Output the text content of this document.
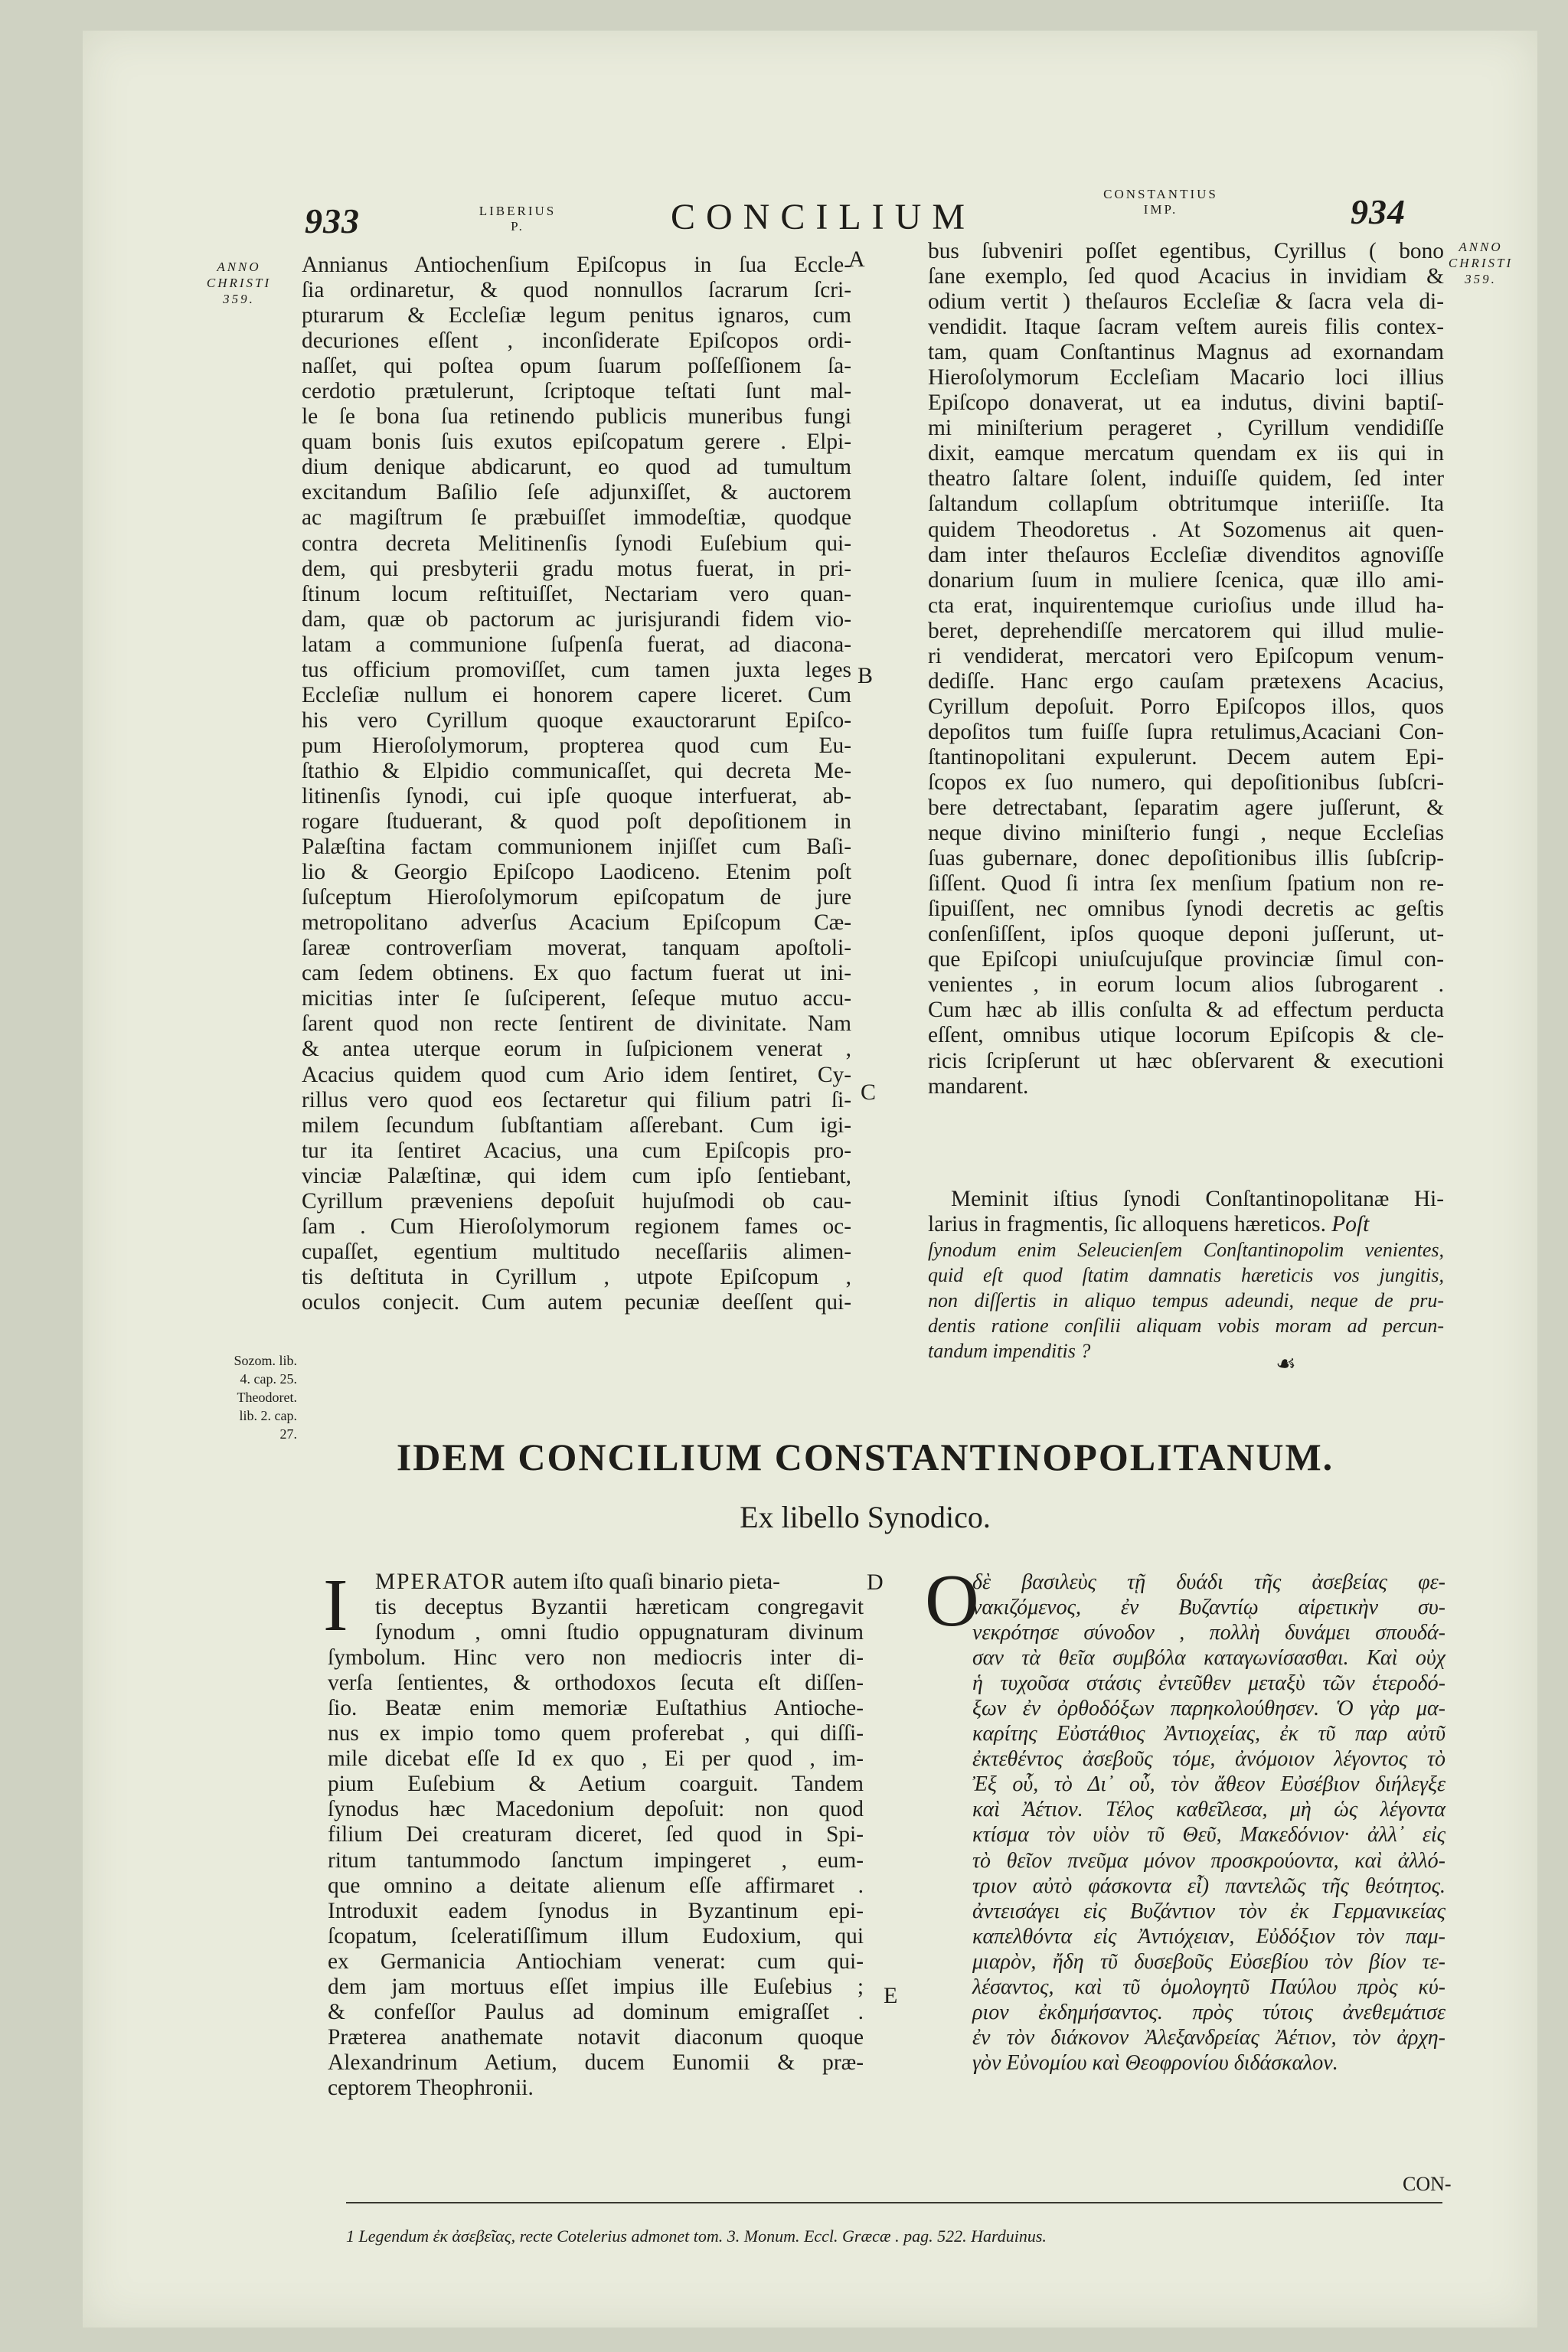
933	LIBERIUS
P.	CONCILIUM
CONSTANTIUS
IMP.	934
ANNO
CHRISTI
359.
ANNO
CHRISTI
359.
A
B
C
D
E
Annianus Antiochenſium Epiſcopus in ſua Eccle-
ſia ordinaretur, & quod nonnullos ſacrarum ſcri-
pturarum & Eccleſiæ legum penitus ignaros, cum
decuriones eſſent , inconſiderate Epiſcopos ordi-
naſſet, qui poſtea opum ſuarum poſſeſſionem ſa-
cerdotio prætulerunt, ſcriptoque teſtati ſunt mal-
le ſe bona ſua retinendo publicis muneribus fungi
quam bonis ſuis exutos epiſcopatum gerere . Elpi-
dium denique abdicarunt, eo quod ad tumultum
excitandum Baſilio ſeſe adjunxiſſet, & auctorem
ac magiſtrum ſe præbuiſſet immodeſtiæ, quodque
contra decreta Melitinenſis ſynodi Euſebium qui-
dem, qui presbyterii gradu motus fuerat, in pri-
ſtinum locum reſtituiſſet, Nectariam vero quan-
dam, quæ ob pactorum ac jurisjurandi fidem vio-
latam a communione ſuſpenſa fuerat, ad diacona-
tus officium promoviſſet, cum tamen juxta leges
Eccleſiæ nullum ei honorem capere liceret. Cum
his vero Cyrillum quoque exauctorarunt Epiſco-
pum Hieroſolymorum, propterea quod cum Eu-
ſtathio & Elpidio communicaſſet, qui decreta Me-
litinenſis ſynodi, cui ipſe quoque interfuerat, ab-
rogare ſtuduerant, & quod poſt depoſitionem in
Palæſtina factam communionem injiſſet cum Baſi-
lio & Georgio Epiſcopo Laodiceno. Etenim poſt
ſuſceptum Hieroſolymorum epiſcopatum de jure
metropolitano adverſus Acacium Epiſcopum Cæ-
ſareæ controverſiam moverat, tanquam apoſtoli-
cam ſedem obtinens. Ex quo factum fuerat ut ini-
micitias inter ſe ſuſciperent, ſeſeque mutuo accu-
ſarent quod non recte ſentirent de divinitate. Nam
& antea uterque eorum in ſuſpicionem venerat ,
Acacius quidem quod cum Ario idem ſentiret, Cy-
rillus vero quod eos ſectaretur qui filium patri ſi-
milem ſecundum ſubſtantiam aſſerebant. Cum igi-
tur ita ſentiret Acacius, una cum Epiſcopis pro-
vinciæ Palæſtinæ, qui idem cum ipſo ſentiebant,
Cyrillum præveniens depoſuit hujuſmodi ob cau-
ſam . Cum Hieroſolymorum regionem fames oc-
cupaſſet, egentium multitudo neceſſariis alimen-
tis deſtituta in Cyrillum , utpote Epiſcopum ,
oculos conjecit. Cum autem pecuniæ deeſſent qui-
bus ſubveniri poſſet egentibus, Cyrillus ( bono
ſane exemplo, ſed quod Acacius in invidiam &
odium vertit ) theſauros Eccleſiæ & ſacra vela di-
vendidit. Itaque ſacram veſtem aureis filis contex-
tam, quam Conſtantinus Magnus ad exornandam
Hieroſolymorum Eccleſiam Macario loci illius
Epiſcopo donaverat, ut ea indutus, divini baptiſ-
mi miniſterium perageret , Cyrillum vendidiſſe
dixit, eamque mercatum quendam ex iis qui in
theatro ſaltare ſolent, induiſſe quidem, ſed inter
ſaltandum collapſum obtritumque interiiſſe. Ita
quidem Theodoretus . At Sozomenus ait quen-
dam inter theſauros Eccleſiæ divenditos agnoviſſe
donarium ſuum in muliere ſcenica, quæ illo ami-
cta erat, inquirentemque curioſius unde illud ha-
beret, deprehendiſſe mercatorem qui illud mulie-
ri vendiderat, mercatori vero Epiſcopum venum-
dediſſe. Hanc ergo cauſam prætexens Acacius,
Cyrillum depoſuit. Porro Epiſcopos illos, quos
depoſitos tum fuiſſe ſupra retulimus,Acaciani Con-
ſtantinopolitani expulerunt. Decem autem Epi-
ſcopos ex ſuo numero, qui depoſitionibus ſubſcri-
bere detrectabant, ſeparatim agere juſſerunt, &
neque divino miniſterio fungi , neque Eccleſias
ſuas gubernare, donec depoſitionibus illis ſubſcrip-
ſiſſent. Quod ſi intra ſex menſium ſpatium non re-
ſipuiſſent, nec omnibus ſynodi decretis ac geſtis
conſenſiſſent, ipſos quoque deponi juſſerunt, ut-
que Epiſcopi uniuſcujuſque provinciæ ſimul con-
venientes , in eorum locum alios ſubrogarent .
Cum hæc ab illis conſulta & ad effectum perducta
eſſent, omnibus utique locorum Epiſcopis & cle-
ricis ſcripſerunt ut hæc obſervarent & executioni
mandarent.
Meminit iſtius ſynodi Conſtantinopolitanæ Hi-
larius in fragmentis, ſic alloquens hæreticos. Poſt
ſynodum enim Seleucienſem Conſtantinopolim venientes,
quid eſt quod ſtatim damnatis hæreticis vos jungitis,
non diſſertis in aliquo tempus adeundi, neque de pru-
dentis ratione conſilii aliquam vobis moram ad percun-
tandum impenditis ?
☙
Sozom. lib.
4. cap. 25.
Theodoret.
lib. 2. cap.
27.
IDEM CONCILIUM CONSTANTINOPOLITANUM.
Ex libello Synodico.
I	MPERATOR autem iſto quaſi binario pieta-
tis deceptus Byzantii hæreticam congregavit
ſynodum , omni ſtudio oppugnaturam divinum
ſymbolum. Hinc vero non mediocris inter di-
verſa ſentientes, & orthodoxos ſecuta eſt diſſen-
ſio. Beatæ enim memoriæ Euſtathius Antioche-
nus ex impio tomo quem proferebat , qui diſſi-
mile dicebat eſſe Id ex quo , Ei per quod , im-
pium Euſebium & Aetium coarguit. Tandem
ſynodus hæc Macedonium depoſuit: non quod
filium Dei creaturam diceret, ſed quod in Spi-
ritum tantummodo ſanctum impingeret , eum-
que omnino a deitate alienum eſſe affirmaret .
Introduxit eadem ſynodus in Byzantinum epi-
ſcopatum, ſceleratiſſimum illum Eudoxium, qui
ex Germanicia Antiochiam venerat: cum qui-
dem jam mortuus eſſet impius ille Euſebius ;
& confeſſor Paulus ad dominum emigraſſet .
Præterea anathemate notavit diaconum quoque
Alexandrinum Aetium, ducem Eunomii & præ-
ceptorem Theophronii.
Ο
δὲ βασιλεὺς τῇ δυάδι τῆς ἀσεβείας φε-
νακιζόμενος, ἐν Βυζαντίῳ αἱρετικὴν συ-
νεκρότησε σύνοδον , πολλὴ δυνάμει σπουδά-
σαν τὰ θεῖα συμβόλα καταγωνίσασθαι. Καὶ οὐχ
ἡ τυχοῦσα στάσις ἐντεῦθεν μεταξὺ τῶν ἑτεροδό-
ξων ἐν ὀρθοδόξων παρηκολούθησεν. Ὁ γὰρ μα-
καρίτης Εὐστάθιος Ἀντιοχείας, ἐκ τῦ παρ αὐτῦ
ἐκτεθέντος ἀσεβοῦς τόμε, ἀνόμοιον λέγοντος τὸ
Ἐξ οὗ, τὸ Δι᾽ οὗ, τὸν ἄθεον Εὐσέβιον διήλεγξε
καὶ Ἀέτιον. Τέλος καθεῖλεσα, μὴ ὡς λέγοντα
κτίσμα τὸν υἱὸν τῦ Θεῦ, Μακεδόνιον· ἀλλ᾽ εἰς
τὸ θεῖον πνεῦμα μόνον προσκρούοντα, καὶ ἀλλό-
τριον αὐτὸ φάσκοντα εἶ) παντελῶς τῆς θεότητος.
ἀντεισάγει εἰς Βυζάντιον τὸν ἐκ Γερμανικείας
καπελθόντα εἰς Ἀντιόχειαν, Εὐδόξιον τὸν παμ-
μιαρὸν, ἤδη τῦ δυσεβοῦς Εὐσεβίου τὸν βίον τε-
λέσαντος, καὶ τῦ ὁμολογητῦ Παύλου πρὸς κύ-
ριον ἐκδημήσαντος. πρὸς τύτοις ἀνεθεμάτισε
ἐν τὸν διάκονον Ἀλεξανδρείας Ἀέτιον, τὸν ἀρχη-
γὸν Εὐνομίου καὶ Θεοφρονίου διδάσκαλον.
CON-
1 Legendum ἐκ ἀσεβεῖας, recte Cotelerius admonet tom. 3. Monum. Eccl. Græcæ . pag. 522. Harduinus.
